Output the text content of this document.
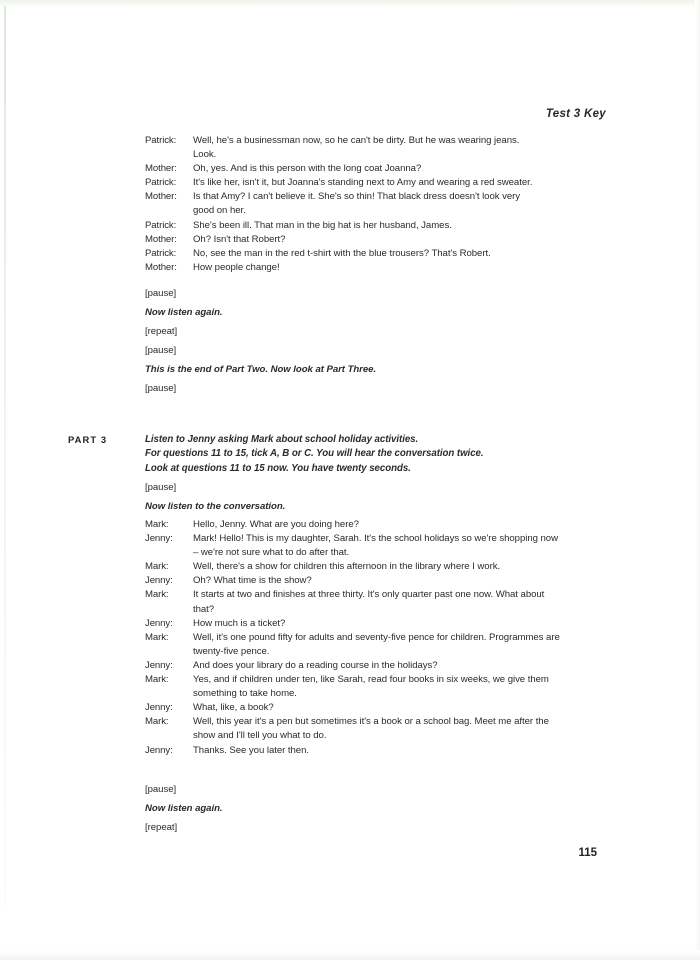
Test 3 Key
Patrick:	Well, he's a businessman now, so he can't be dirty. But he was wearing jeans. Look.
Mother:	Oh, yes. And is this person with the long coat Joanna?
Patrick:	It's like her, isn't it, but Joanna's standing next to Amy and wearing a red sweater.
Mother:	Is that Amy? I can't believe it. She's so thin! That black dress doesn't look very good on her.
Patrick:	She's been ill. That man in the big hat is her husband, James.
Mother:	Oh? Isn't that Robert?
Patrick:	No, see the man in the red t-shirt with the blue trousers? That's Robert.
Mother:	How people change!
[pause]
Now listen again.
[repeat]
[pause]
This is the end of Part Two. Now look at Part Three.
[pause]
PART 3	Listen to Jenny asking Mark about school holiday activities.
For questions 11 to 15, tick A, B or C. You will hear the conversation twice.
Look at questions 11 to 15 now. You have twenty seconds.
[pause]
Now listen to the conversation.
Mark:	Hello, Jenny. What are you doing here?
Jenny:	Mark! Hello! This is my daughter, Sarah. It's the school holidays so we're shopping now – we're not sure what to do after that.
Mark:	Well, there's a show for children this afternoon in the library where I work.
Jenny:	Oh? What time is the show?
Mark:	It starts at two and finishes at three thirty. It's only quarter past one now. What about that?
Jenny:	How much is a ticket?
Mark:	Well, it's one pound fifty for adults and seventy-five pence for children. Programmes are twenty-five pence.
Jenny:	And does your library do a reading course in the holidays?
Mark:	Yes, and if children under ten, like Sarah, read four books in six weeks, we give them something to take home.
Jenny:	What, like, a book?
Mark:	Well, this year it's a pen but sometimes it's a book or a school bag. Meet me after the show and I'll tell you what to do.
Jenny:	Thanks. See you later then.
[pause]
Now listen again.
[repeat]
115
